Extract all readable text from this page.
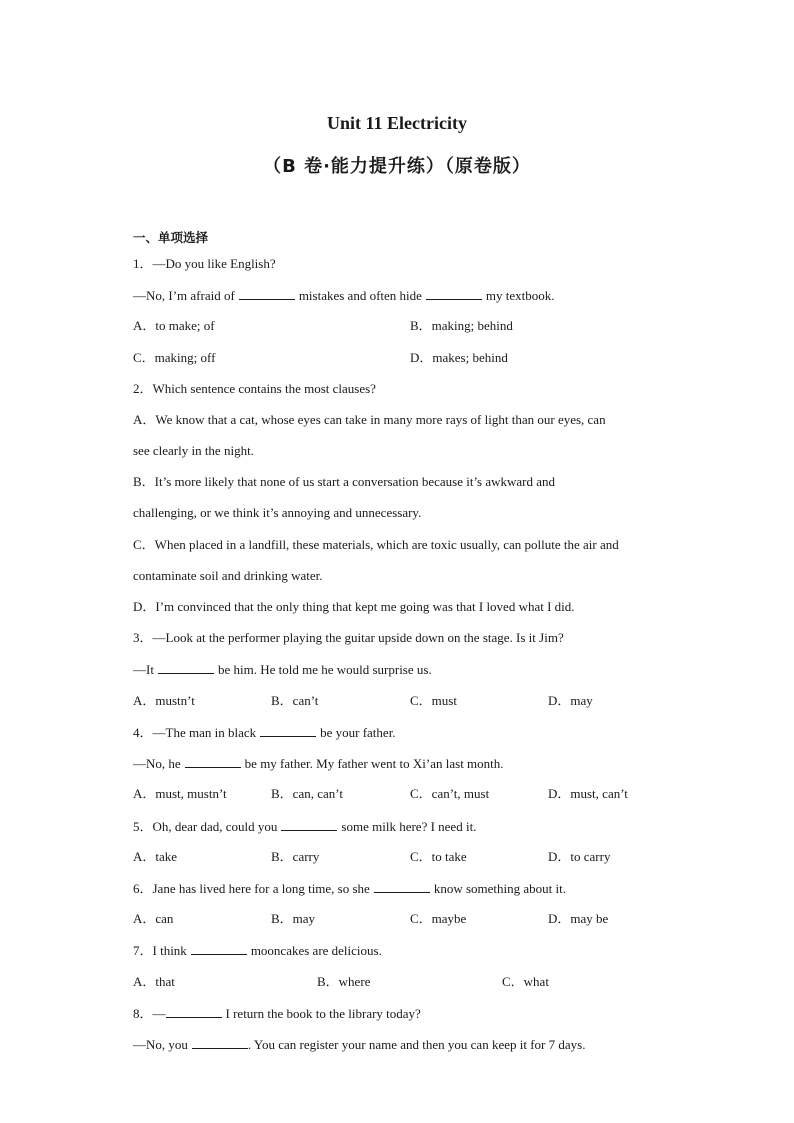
Unit 11 Electricity
（B 卷·能力提升练）（原卷版）
一、单项选择
1．—Do you like English?
—No, I’m afraid of	mistakes and often hide	my textbook.
A．to make; of	B．making; behind
C．making; off	D．makes; behind
2．Which sentence contains the most clauses?
A．We know that a cat, whose eyes can take in many more rays of light than our eyes, can
see clearly in the night.
B．It’s more likely that none of us start a conversation because it’s awkward and
challenging, or we think it’s annoying and unnecessary.
C．When placed in a landfill, these materials, which are toxic usually, can pollute the air and
contaminate soil and drinking water.
D．I’m convinced that the only thing that kept me going was that I loved what I did.
3．—Look at the performer playing the guitar upside down on the stage. Is it Jim?
—It	be him. He told me he would surprise us.
A．mustn’t	B．can’t	C．must	D．may
4．—The man in black	be your father.
—No, he	be my father. My father went to Xi’an last month.
A．must, mustn’t	B．can, can’t	C．can’t, must	D．must, can’t
5．Oh, dear dad, could you	some milk here? I need it.
A．take	B．carry	C．to take	D．to carry
6．Jane has lived here for a long time, so she	know something about it.
A．can	B．may	C．maybe	D．may be
7．I think	mooncakes are delicious.
A．that	B．where	C．what
8．—	I return the book to the library today?
—No, you	. You can register your name and then you can keep it for 7 days.
